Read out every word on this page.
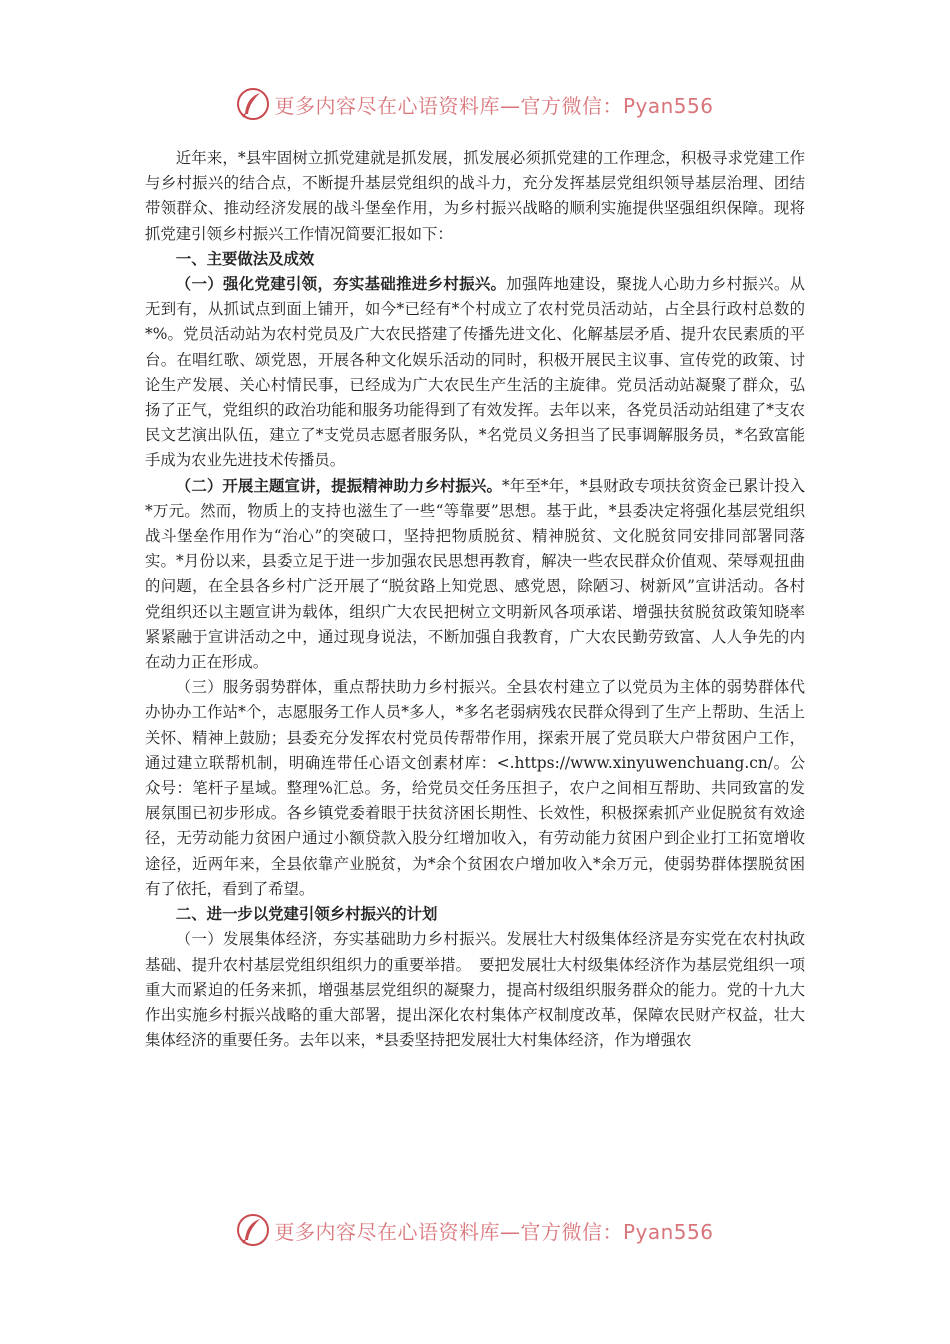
更多内容尽在心语资料库—官方微信：Pyan556

近年来，*县牢固树立抓党建就是抓发展，抓发展必须抓党建的工作理念，积极寻求党建工作与乡村振兴的结合点，不断提升基层党组织的战斗力，充分发挥基层党组织领导基层治理、团结带领群众、推动经济发展的战斗堡垒作用，为乡村振兴战略的顺利实施提供坚强组织保障。现将抓党建引领乡村振兴工作情况简要汇报如下：

一、主要做法及成效

（一）强化党建引领，夯实基础推进乡村振兴。加强阵地建设，聚拢人心助力乡村振兴。从无到有，从抓试点到面上铺开，如今*已经有*个村成立了农村党员活动站，占全县行政村总数的*%。党员活动站为农村党员及广大农民搭建了传播先进文化、化解基层矛盾、提升农民素质的平台。在唱红歌、颂党恩，开展各种文化娱乐活动的同时，积极开展民主议事、宣传党的政策、讨论生产发展、关心村情民事，已经成为广大农民生产生活的主旋律。党员活动站凝聚了群众，弘扬了正气，党组织的政治功能和服务功能得到了有效发挥。去年以来，各党员活动站组建了*支农民文艺演出队伍，建立了*支党员志愿者服务队，*名党员义务担当了民事调解服务员，*名致富能手成为农业先进技术传播员。

（二）开展主题宣讲，提振精神助力乡村振兴。*年至*年，*县财政专项扶贫资金已累计投入*万元。然而，物质上的支持也滋生了一些“等靠要”思想。基于此，*县委决定将强化基层党组织战斗堡垒作用作为“治心”的突破口，坚持把物质脱贫、精神脱贫、文化脱贫同安排同部署同落实。*月份以来，县委立足于进一步加强农民思想再教育，解决一些农民群众价值观、荣辱观扭曲的问题，在全县各乡村广泛开展了“脱贫路上知党恩、感党恩，除陋习、树新风”宣讲活动。各村党组织还以主题宣讲为载体，组织广大农民把树立文明新风各项承诺、增强扶贫脱贫政策知晓率紧紧融于宣讲活动之中，通过现身说法，不断加强自我教育，广大农民勤劳致富、人人争先的内在动力正在形成。

（三）服务弱势群体，重点帮扶助力乡村振兴。全县农村建立了以党员为主体的弱势群体代办协办工作站*个，志愿服务工作人员*多人，*多名老弱病残农民群众得到了生产上帮助、生活上关怀、精神上鼓励；县委充分发挥农村党员传帮带作用，探索开展了党员联大户带贫困户工作，通过建立联帮机制，明确连带任心语文创素材库：<.https://www.xinyuwenchuang.cn/。公众号：笔杆子星域。整理%汇总。务，给党员交任务压担子，农户之间相互帮助、共同致富的发展氛围已初步形成。各乡镇党委着眼于扶贫济困长期性、长效性，积极探索抓产业促脱贫有效途径，无劳动能力贫困户通过小额贷款入股分红增加收入，有劳动能力贫困户到企业打工拓宽增收途径，近两年来，全县依靠产业脱贫，为*余个贫困农户增加收入*余万元，使弱势群体摆脱贫困有了依托，看到了希望。

二、进一步以党建引领乡村振兴的计划

（一）发展集体经济，夯实基础助力乡村振兴。发展壮大村级集体经济是夯实党在农村执政基础、提升农村基层党组织组织力的重要举措。　要把发展壮大村级集体经济作为基层党组织一项重大而紧迫的任务来抓，增强基层党组织的凝聚力，提高村级组织服务群众的能力。党的十九大作出实施乡村振兴战略的重大部署，提出深化农村集体产权制度改革，保障农民财产权益，壮大集体经济的重要任务。去年以来，*县委坚持把发展壮大村集体经济，作为增强农

更多内容尽在心语资料库—官方微信：Pyan556
